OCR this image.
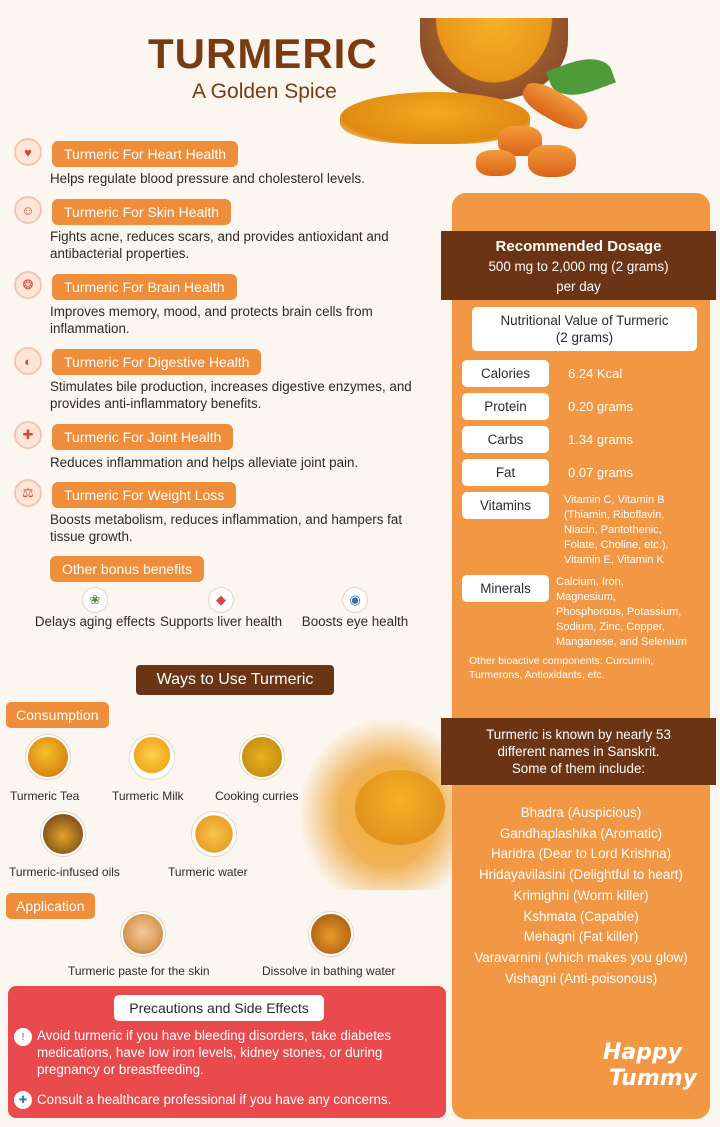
TURMERIC
A Golden Spice
♥	Turmeric For Heart Health
Helps regulate blood pressure and cholesterol levels.
☺	Turmeric For Skin Health
Fights acne, reduces scars, and provides antioxidant and antibacterial properties.
❂	Turmeric For Brain Health
Improves memory, mood, and protects brain cells from inflammation.
◐	Turmeric For Digestive Health
Stimulates bile production, increases digestive enzymes, and provides anti-inflammatory benefits.
✚	Turmeric For Joint Health
Reduces inflammation and helps alleviate joint pain.
⚖	Turmeric For Weight Loss
Boosts metabolism, reduces inflammation, and hampers fat tissue growth.
Other bonus benefits
❀
Delays aging effects
◆
Supports liver health
◉
Boosts eye health
Ways to Use Turmeric
Consumption
Turmeric Tea	Turmeric Milk	Cooking curries
Turmeric-infused oils	Turmeric water
Application
Turmeric paste for the skin	Dissolve in bathing water
Precautions and Side Effects
! Avoid turmeric if you have bleeding disorders, take diabetes medications, have low iron levels, kidney stones, or during pregnancy or breastfeeding.
✚ Consult a healthcare professional if you have any concerns.
Recommended Dosage
500 mg to 2,000 mg (2 grams)
per day
Nutritional Value of Turmeric
(2 grams)
Calories	6.24 Kcal
Protein	0.20 grams
Carbs	1.34 grams
Fat	0.07 grams
Vitamins	Vitamin C, Vitamin B
(Thiamin, Riboflavin,
Niacin, Pantothenic,
Folate, Choline, etc.),
Vitamin E, Vitamin K
Minerals	Calcium, Iron,
Magnesium,
Phosphorous, Potassium,
Sodium, Zinc, Copper,
Manganese, and Selenium
Other bioactive components: Curcumin,
Turmerons, Antioxidants, etc.
Turmeric is known by nearly 53
different names in Sanskrit.
Some of them include:
Bhadra (Auspicious)
Gandhaplashika (Aromatic)
Haridra (Dear to Lord Krishna)
Hridayavilasini (Delightful to heart)
Krimighni (Worm killer)
Kshmata (Capable)
Mehagni (Fat killer)
Varavarnini (which makes you glow)
Vishagni (Anti-poisonous)
Happy
Tummy
